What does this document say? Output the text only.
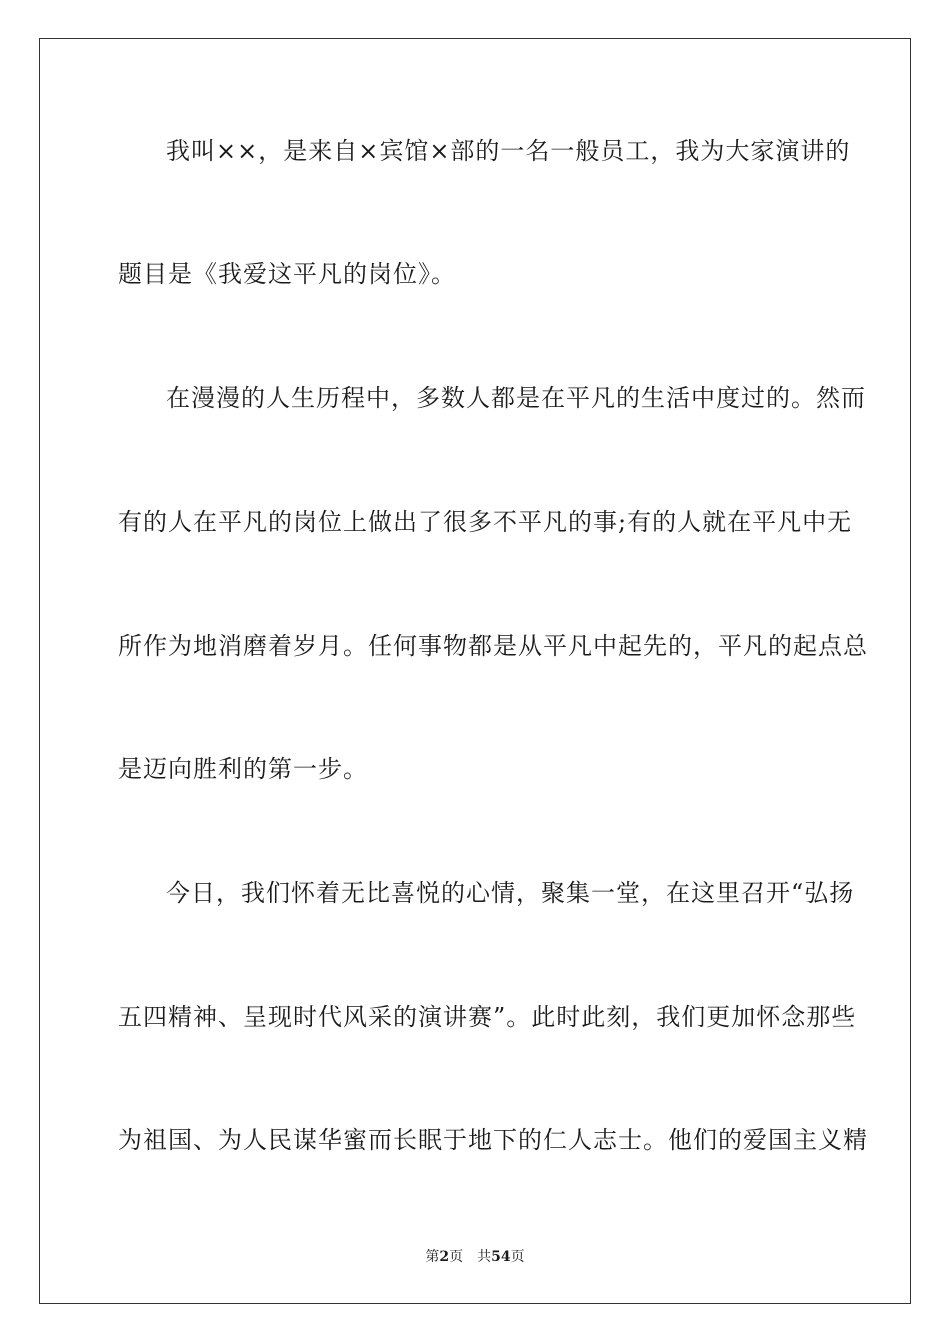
我叫××，是来自×宾馆×部的一名一般员工，我为大家演讲的
题目是《我爱这平凡的岗位》。
在漫漫的人生历程中，多数人都是在平凡的生活中度过的。然而
有的人在平凡的岗位上做出了很多不平凡的事;有的人就在平凡中无
所作为地消磨着岁月。任何事物都是从平凡中起先的，平凡的起点总
是迈向胜利的第一步。
今日，我们怀着无比喜悦的心情，聚集一堂，在这里召开“弘扬
五四精神、呈现时代风采的演讲赛”。此时此刻，我们更加怀念那些
为祖国、为人民谋华蜜而长眠于地下的仁人志士。他们的爱国主义精
第2页 共54页
